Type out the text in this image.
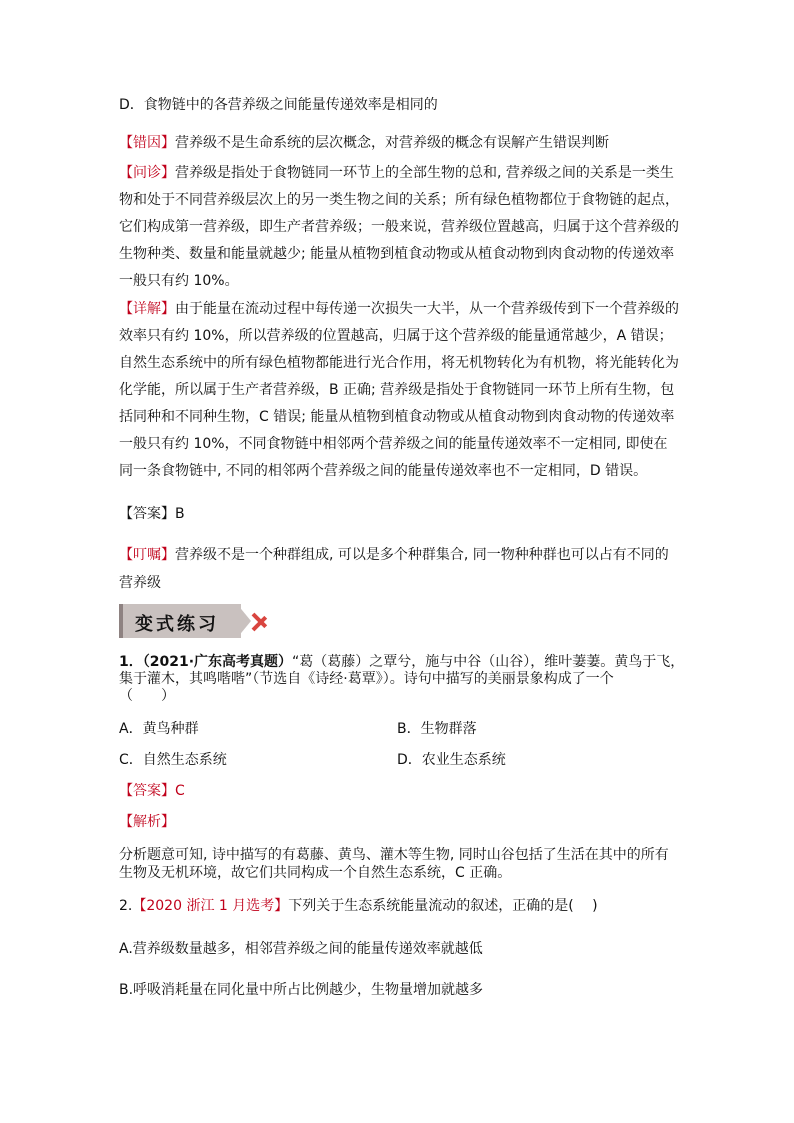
D．食物链中的各营养级之间能量传递效率是相同的
【错因】营养级不是生命系统的层次概念，对营养级的概念有误解产生错误判断
【问诊】营养级是指处于食物链同一环节上的全部生物的总和, 营养级之间的关系是一类生
物和处于不同营养级层次上的另一类生物之间的关系；所有绿色植物都位于食物链的起点，
它们构成第一营养级，即生产者营养级；一般来说，营养级位置越高，归属于这个营养级的
生物种类、数量和能量就越少; 能量从植物到植食动物或从植食动物到肉食动物的传递效率
一般只有约 10%。
【详解】由于能量在流动过程中每传递一次损失一大半，从一个营养级传到下一个营养级的
效率只有约 10%，所以营养级的位置越高，归属于这个营养级的能量通常越少，A 错误；
自然生态系统中的所有绿色植物都能进行光合作用，将无机物转化为有机物，将光能转化为
化学能，所以属于生产者营养级，B 正确; 营养级是指处于食物链同一环节上所有生物，包
括同种和不同种生物，C 错误; 能量从植物到植食动物或从植食动物到肉食动物的传递效率
一般只有约 10%，不同食物链中相邻两个营养级之间的能量传递效率不一定相同, 即使在
同一条食物链中, 不同的相邻两个营养级之间的能量传递效率也不一定相同，D 错误。
【答案】B
【叮嘱】营养级不是一个种群组成, 可以是多个种群集合, 同一物种种群也可以占有不同的
营养级
变式练习
1．（2021·广东高考真题）“葛（葛藤）之覃兮，施与中谷（山谷），维叶萋萋。黄鸟于飞，
集于灌木，其鸣喈喈”（节选自《诗经·葛覃》）。诗句中描写的美丽景象构成了一个
（　　）
A．黄鸟种群	B．生物群落
C．自然生态系统	D．农业生态系统
【答案】C
【解析】
分析题意可知, 诗中描写的有葛藤、黄鸟、灌木等生物, 同时山谷包括了生活在其中的所有
生物及无机环境，故它们共同构成一个自然生态系统，C 正确。
2.【2020 浙江 1 月选考】下列关于生态系统能量流动的叙述，正确的是(　 )
A.营养级数量越多，相邻营养级之间的能量传递效率就越低
B.呼吸消耗量在同化量中所占比例越少，生物量增加就越多
